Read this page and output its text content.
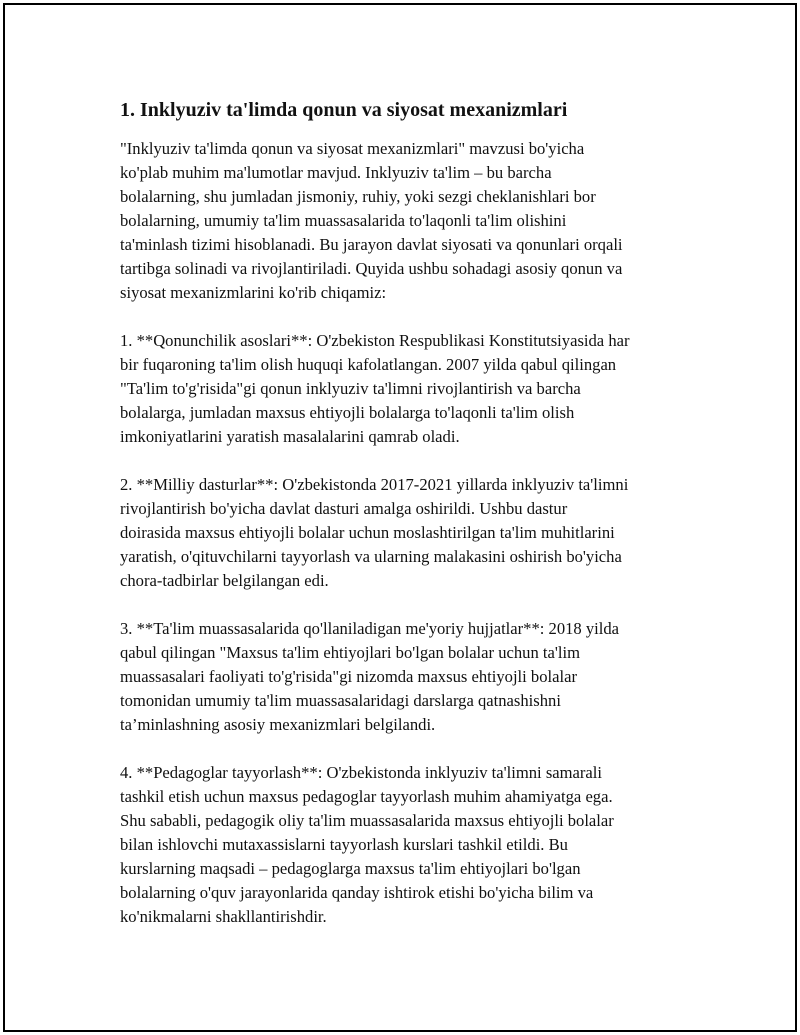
1. Inklyuziv ta'limda qonun va siyosat mexanizmlari
"Inklyuziv ta'limda qonun va siyosat mexanizmlari" mavzusi bo'yicha
ko'plab muhim ma'lumotlar mavjud. Inklyuziv ta'lim – bu barcha
bolalarning, shu jumladan jismoniy, ruhiy, yoki sezgi cheklanishlari bor
bolalarning, umumiy ta'lim muassasalarida to'laqonli ta'lim olishini
ta'minlash tizimi hisoblanadi. Bu jarayon davlat siyosati va qonunlari orqali
tartibga solinadi va rivojlantiriladi. Quyida ushbu sohadagi asosiy qonun va
siyosat mexanizmlarini ko'rib chiqamiz:
1. **Qonunchilik asoslari**: O'zbekiston Respublikasi Konstitutsiyasida har
bir fuqaroning ta'lim olish huquqi kafolatlangan. 2007 yilda qabul qilingan
"Ta'lim to'g'risida"gi qonun inklyuziv ta'limni rivojlantirish va barcha
bolalarga, jumladan maxsus ehtiyojli bolalarga to'laqonli ta'lim olish
imkoniyatlarini yaratish masalalarini qamrab oladi.
2. **Milliy dasturlar**: O'zbekistonda 2017-2021 yillarda inklyuziv ta'limni
rivojlantirish bo'yicha davlat dasturi amalga oshirildi. Ushbu dastur
doirasida maxsus ehtiyojli bolalar uchun moslashtirilgan ta'lim muhitlarini
yaratish, o'qituvchilarni tayyorlash va ularning malakasini oshirish bo'yicha
chora-tadbirlar belgilangan edi.
3. **Ta'lim muassasalarida qo'llaniladigan me'yoriy hujjatlar**: 2018 yilda
qabul qilingan "Maxsus ta'lim ehtiyojlari bo'lgan bolalar uchun ta'lim
muassasalari faoliyati to'g'risida"gi nizomda maxsus ehtiyojli bolalar
tomonidan umumiy ta'lim muassasalaridagi darslarga qatnashishni
ta’minlashning asosiy mexanizmlari belgilandi.
4. **Pedagoglar tayyorlash**: O'zbekistonda inklyuziv ta'limni samarali
tashkil etish uchun maxsus pedagoglar tayyorlash muhim ahamiyatga ega.
Shu sababli, pedagogik oliy ta'lim muassasalarida maxsus ehtiyojli bolalar
bilan ishlovchi mutaxassislarni tayyorlash kurslari tashkil etildi. Bu
kurslarning maqsadi – pedagoglarga maxsus ta'lim ehtiyojlari bo'lgan
bolalarning o'quv jarayonlarida qanday ishtirok etishi bo'yicha bilim va
ko'nikmalarni shakllantirishdir.
